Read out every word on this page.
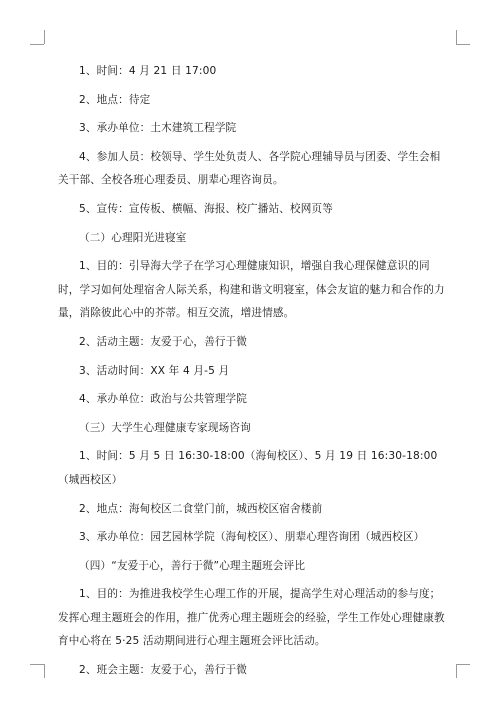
1、时间：4 月 21 日 17:00

2、地点：待定

3、承办单位：土木建筑工程学院

4、参加人员：校领导、学生处负责人、各学院心理辅导员与团委、学生会相关干部、全校各班心理委员、朋辈心理咨询员。

5、宣传：宣传板、横幅、海报、校广播站、校网页等

（二）心理阳光进寝室

1、目的：引导海大学子在学习心理健康知识，增强自我心理保健意识的同时，学习如何处理宿舍人际关系，构建和谐文明寝室，体会友谊的魅力和合作的力量，消除彼此心中的芥蒂。相互交流，增进情感。

2、活动主题：友爱于心，善行于微

3、活动时间：XX 年 4 月-5 月

4、承办单位：政治与公共管理学院

（三）大学生心理健康专家现场咨询

1、时间：5 月 5 日 16:30-18:00（海甸校区）、5 月 19 日 16:30-18:00（城西校区）

2、地点：海甸校区二食堂门前，城西校区宿舍楼前

3、承办单位：园艺园林学院（海甸校区）、朋辈心理咨询团（城西校区）

（四）“友爱于心，善行于微”心理主题班会评比

1、目的：为推进我校学生心理工作的开展，提高学生对心理活动的参与度；发挥心理主题班会的作用，推广优秀心理主题班会的经验，学生工作处心理健康教育中心将在 5·25 活动期间进行心理主题班会评比活动。

2、班会主题：友爱于心，善行于微
